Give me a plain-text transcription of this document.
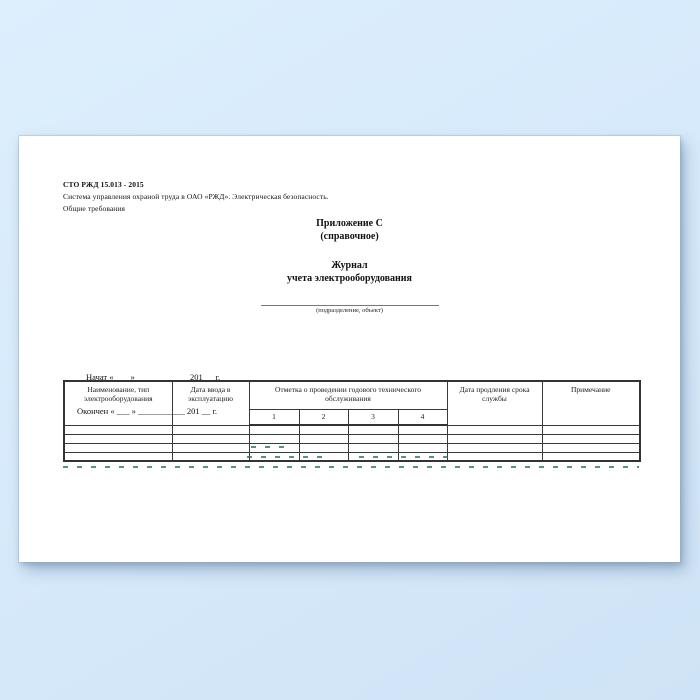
СТО РЖД 15.013 - 2015
Система управления охраной труда в ОАО «РЖД». Электрическая безопасность.
Общие требования
Приложение С
(справочное)
Журнал
учета электрооборудования
(подразделение, объект)

Начат « ___ » ____________ 201 __ г.

Окончен « ___ » ___________ 201 __ г.

Наименование, тип электрооборудования	Дата ввода в эксплуатацию	Отметка о проведении годового технического обслуживания				Дата продления срока службы	Примечание
		1	2	3	4		
